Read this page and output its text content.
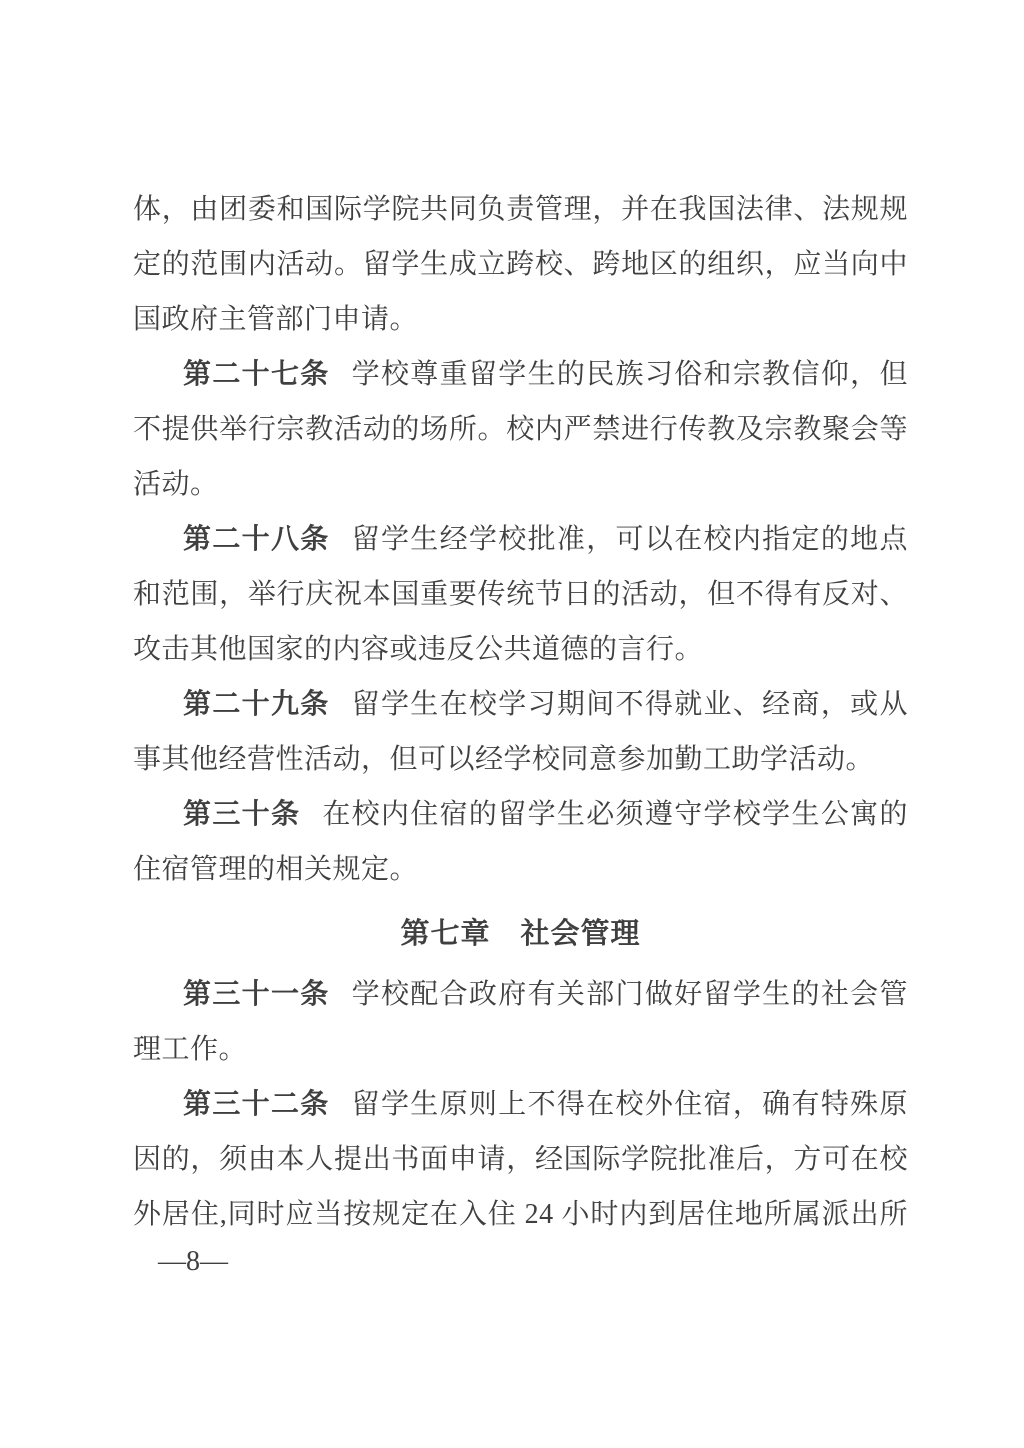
体，由团委和国际学院共同负责管理，并在我国法律、法规规
定的范围内活动。留学生成立跨校、跨地区的组织，应当向中
国政府主管部门申请。
第二十七条 学校尊重留学生的民族习俗和宗教信仰，但
不提供举行宗教活动的场所。校内严禁进行传教及宗教聚会等
活动。
第二十八条 留学生经学校批准，可以在校内指定的地点
和范围，举行庆祝本国重要传统节日的活动，但不得有反对、
攻击其他国家的内容或违反公共道德的言行。
第二十九条 留学生在校学习期间不得就业、经商，或从
事其他经营性活动，但可以经学校同意参加勤工助学活动。
第三十条 在校内住宿的留学生必须遵守学校学生公寓的
住宿管理的相关规定。
第七章　社会管理
第三十一条 学校配合政府有关部门做好留学生的社会管
理工作。
第三十二条 留学生原则上不得在校外住宿，确有特殊原
因的，须由本人提出书面申请，经国际学院批准后，方可在校
外居住,同时应当按规定在入住 24 小时内到居住地所属派出所
—8—
